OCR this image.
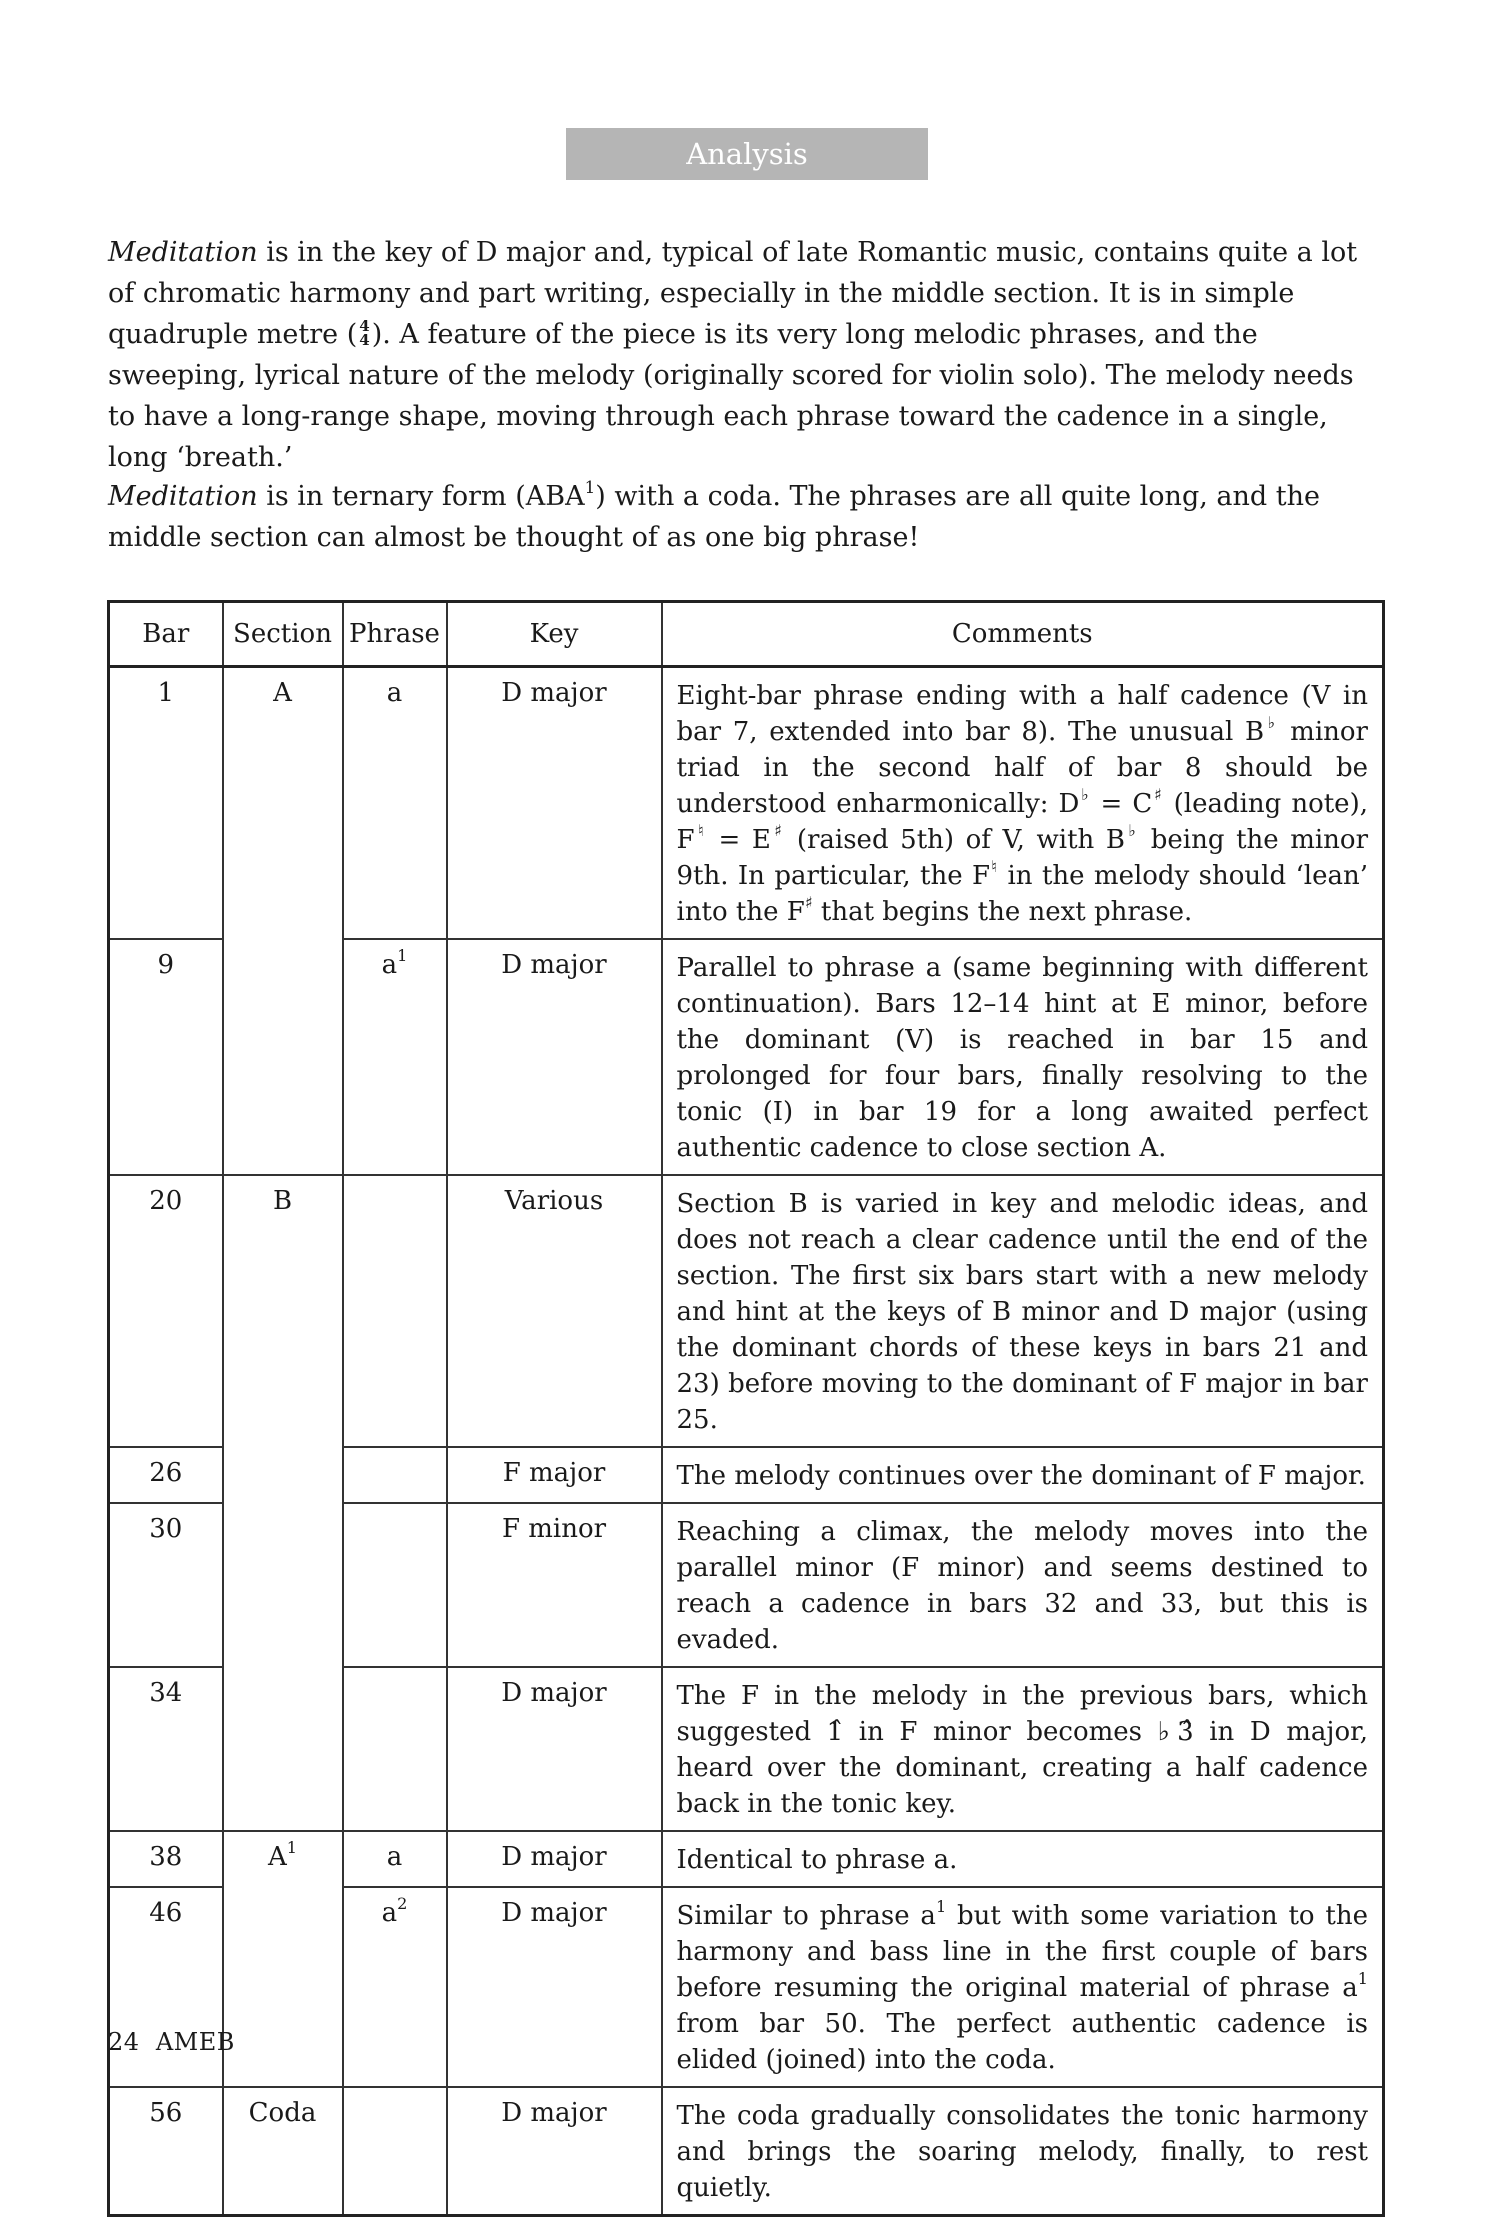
Analysis

Meditation is in the key of D major and, typical of late Romantic music, contains quite a lot of chromatic harmony and part writing, especially in the middle section. It is in simple quadruple metre ( 4
4). A feature of the piece is its very long melodic phrases, and the sweeping, lyrical nature of the melody (originally scored for violin solo). The melody needs to have a long-range shape, moving through each phrase toward the cadence in a single, long ‘breath.’

Meditation is in ternary form (ABA$^1$) with a coda. The phrases are all quite long, and the middle section can almost be thought of as one big phrase!

Bar	Section	Phrase	Key	Comments
1	A	a	D major	Eight-bar phrase ending with a half cadence (V in bar 7, extended into bar 8). The unusual B♭ minor triad in the second half of bar 8 should be understood enharmonically: D♭ = C♯ (leading note), F♮ = E♯ (raised 5th) of V, with B♭ being the minor 9th. In particular, the F♮ in the melody should ‘lean’ into the F♯ that begins the next phrase.
9		$a^1$	D major	Parallel to phrase a (same beginning with different continuation). Bars 12–14 hint at E minor, before the dominant (V) is reached in bar 15 and prolonged for four bars, finally resolving to the tonic (I) in bar 19 for a long awaited perfect authentic cadence to close section A.
20	B		Various	Section B is varied in key and melodic ideas, and does not reach a clear cadence until the end of the section. The first six bars start with a new melody and hint at the keys of B minor and D major (using the dominant chords of these keys in bars 21 and 23) before moving to the dominant of F major in bar 25.
26			F major	The melody continues over the dominant of F major.
30			F minor	Reaching a climax, the melody moves into the parallel minor (F minor) and seems destined to reach a cadence in bars 32 and 33, but this is evaded.
34			D major	The F in the melody in the previous bars, which suggested 1̂ in F minor becomes ♭3̂ in D major, heard over the dominant, creating a half cadence back in the tonic key.
38	$A^1$	a	D major	Identical to phrase a.
46		$a^2$	D major	Similar to phrase $a^1$ but with some variation to the harmony and bass line in the first couple of bars before resuming the original material of phrase $a^1$ from bar 50. The perfect authentic cadence is elided (joined) into the coda.
56	Coda		D major	The coda gradually consolidates the tonic harmony and brings the soaring melody, finally, to rest quietly.
24 AMEB
